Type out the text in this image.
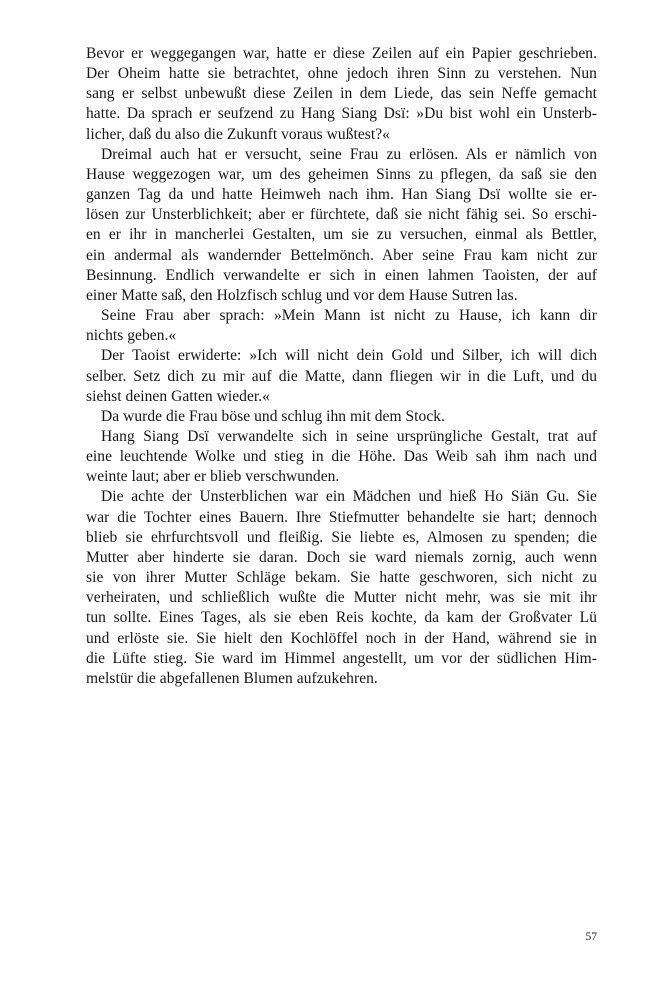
Bevor er weggegangen war, hatte er diese Zeilen auf ein Papier geschrieben.
Der Oheim hatte sie betrachtet, ohne jedoch ihren Sinn zu verstehen. Nun
sang er selbst unbewußt diese Zeilen in dem Liede, das sein Neffe gemacht
hatte. Da sprach er seufzend zu Hang Siang Dsï: »Du bist wohl ein Unsterb-
licher, daß du also die Zukunft voraus wußtest?«
Dreimal auch hat er versucht, seine Frau zu erlösen. Als er nämlich von
Hause weggezogen war, um des geheimen Sinns zu pflegen, da saß sie den
ganzen Tag da und hatte Heimweh nach ihm. Han Siang Dsï wollte sie er-
lösen zur Unsterblichkeit; aber er fürchtete, daß sie nicht fähig sei. So erschi-
en er ihr in mancherlei Gestalten, um sie zu versuchen, einmal als Bettler,
ein andermal als wandernder Bettelmönch. Aber seine Frau kam nicht zur
Besinnung. Endlich verwandelte er sich in einen lahmen Taoisten, der auf
einer Matte saß, den Holzfisch schlug und vor dem Hause Sutren las.
Seine Frau aber sprach: »Mein Mann ist nicht zu Hause, ich kann dir
nichts geben.«
Der Taoist erwiderte: »Ich will nicht dein Gold und Silber, ich will dich
selber. Setz dich zu mir auf die Matte, dann fliegen wir in die Luft, und du
siehst deinen Gatten wieder.«
Da wurde die Frau böse und schlug ihn mit dem Stock.
Hang Siang Dsï verwandelte sich in seine ursprüngliche Gestalt, trat auf
eine leuchtende Wolke und stieg in die Höhe. Das Weib sah ihm nach und
weinte laut; aber er blieb verschwunden.
Die achte der Unsterblichen war ein Mädchen und hieß Ho Siän Gu. Sie
war die Tochter eines Bauern. Ihre Stiefmutter behandelte sie hart; dennoch
blieb sie ehrfurchtsvoll und fleißig. Sie liebte es, Almosen zu spenden; die
Mutter aber hinderte sie daran. Doch sie ward niemals zornig, auch wenn
sie von ihrer Mutter Schläge bekam. Sie hatte geschworen, sich nicht zu
verheiraten, und schließlich wußte die Mutter nicht mehr, was sie mit ihr
tun sollte. Eines Tages, als sie eben Reis kochte, da kam der Großvater Lü
und erlöste sie. Sie hielt den Kochlöffel noch in der Hand, während sie in
die Lüfte stieg. Sie ward im Himmel angestellt, um vor der südlichen Him-
melstür die abgefallenen Blumen aufzukehren.
57
